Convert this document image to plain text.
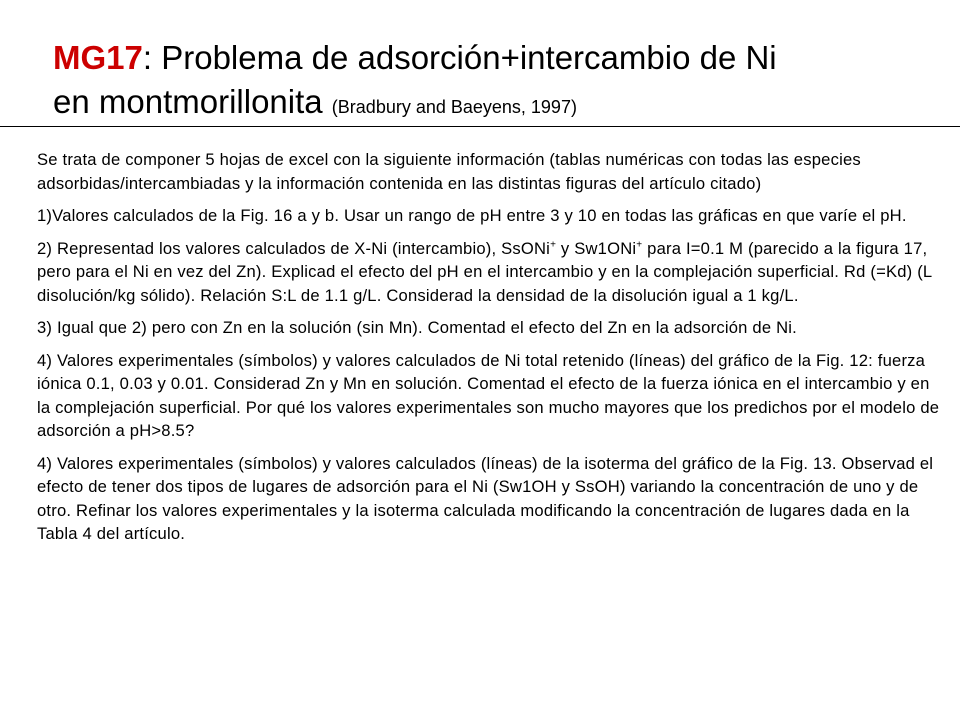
MG17: Problema de adsorción+intercambio de Ni
en montmorillonita (Bradbury and Baeyens, 1997)

Se trata de componer 5 hojas de excel con la siguiente información (tablas numéricas con todas las especies adsorbidas/intercambiadas y la información contenida en las distintas figuras del artículo citado)

1)Valores calculados de la Fig. 16 a y b. Usar un rango de pH entre 3 y 10 en todas las gráficas en que varíe el pH.

2) Representad los valores calculados de X-Ni (intercambio), SsONi+ y Sw1ONi+ para I=0.1 M (parecido a la figura 17, pero para el Ni en vez del Zn). Explicad el efecto del pH en el intercambio y en la complejación superficial. Rd (=Kd) (L disolución/kg sólido). Relación S:L de 1.1 g/L. Considerad la densidad de la disolución igual a 1 kg/L.

3) Igual que 2) pero con Zn en la solución (sin Mn). Comentad el efecto del Zn en la adsorción de Ni.

4) Valores experimentales (símbolos) y valores calculados de Ni total retenido (líneas) del gráfico de la Fig. 12: fuerza iónica 0.1, 0.03 y 0.01. Considerad Zn y Mn en solución. Comentad el efecto de la fuerza iónica en el intercambio y en la complejación superficial. Por qué los valores experimentales son mucho mayores que los predichos por el modelo de adsorción a pH>8.5?

4) Valores experimentales (símbolos) y valores calculados (líneas) de la isoterma del gráfico de la Fig. 13. Observad el efecto de tener dos tipos de lugares de adsorción para el Ni (Sw1OH y SsOH) variando la concentración de uno y de otro. Refinar los valores experimentales y la isoterma calculada modificando la concentración de lugares dada en la Tabla 4 del artículo.
